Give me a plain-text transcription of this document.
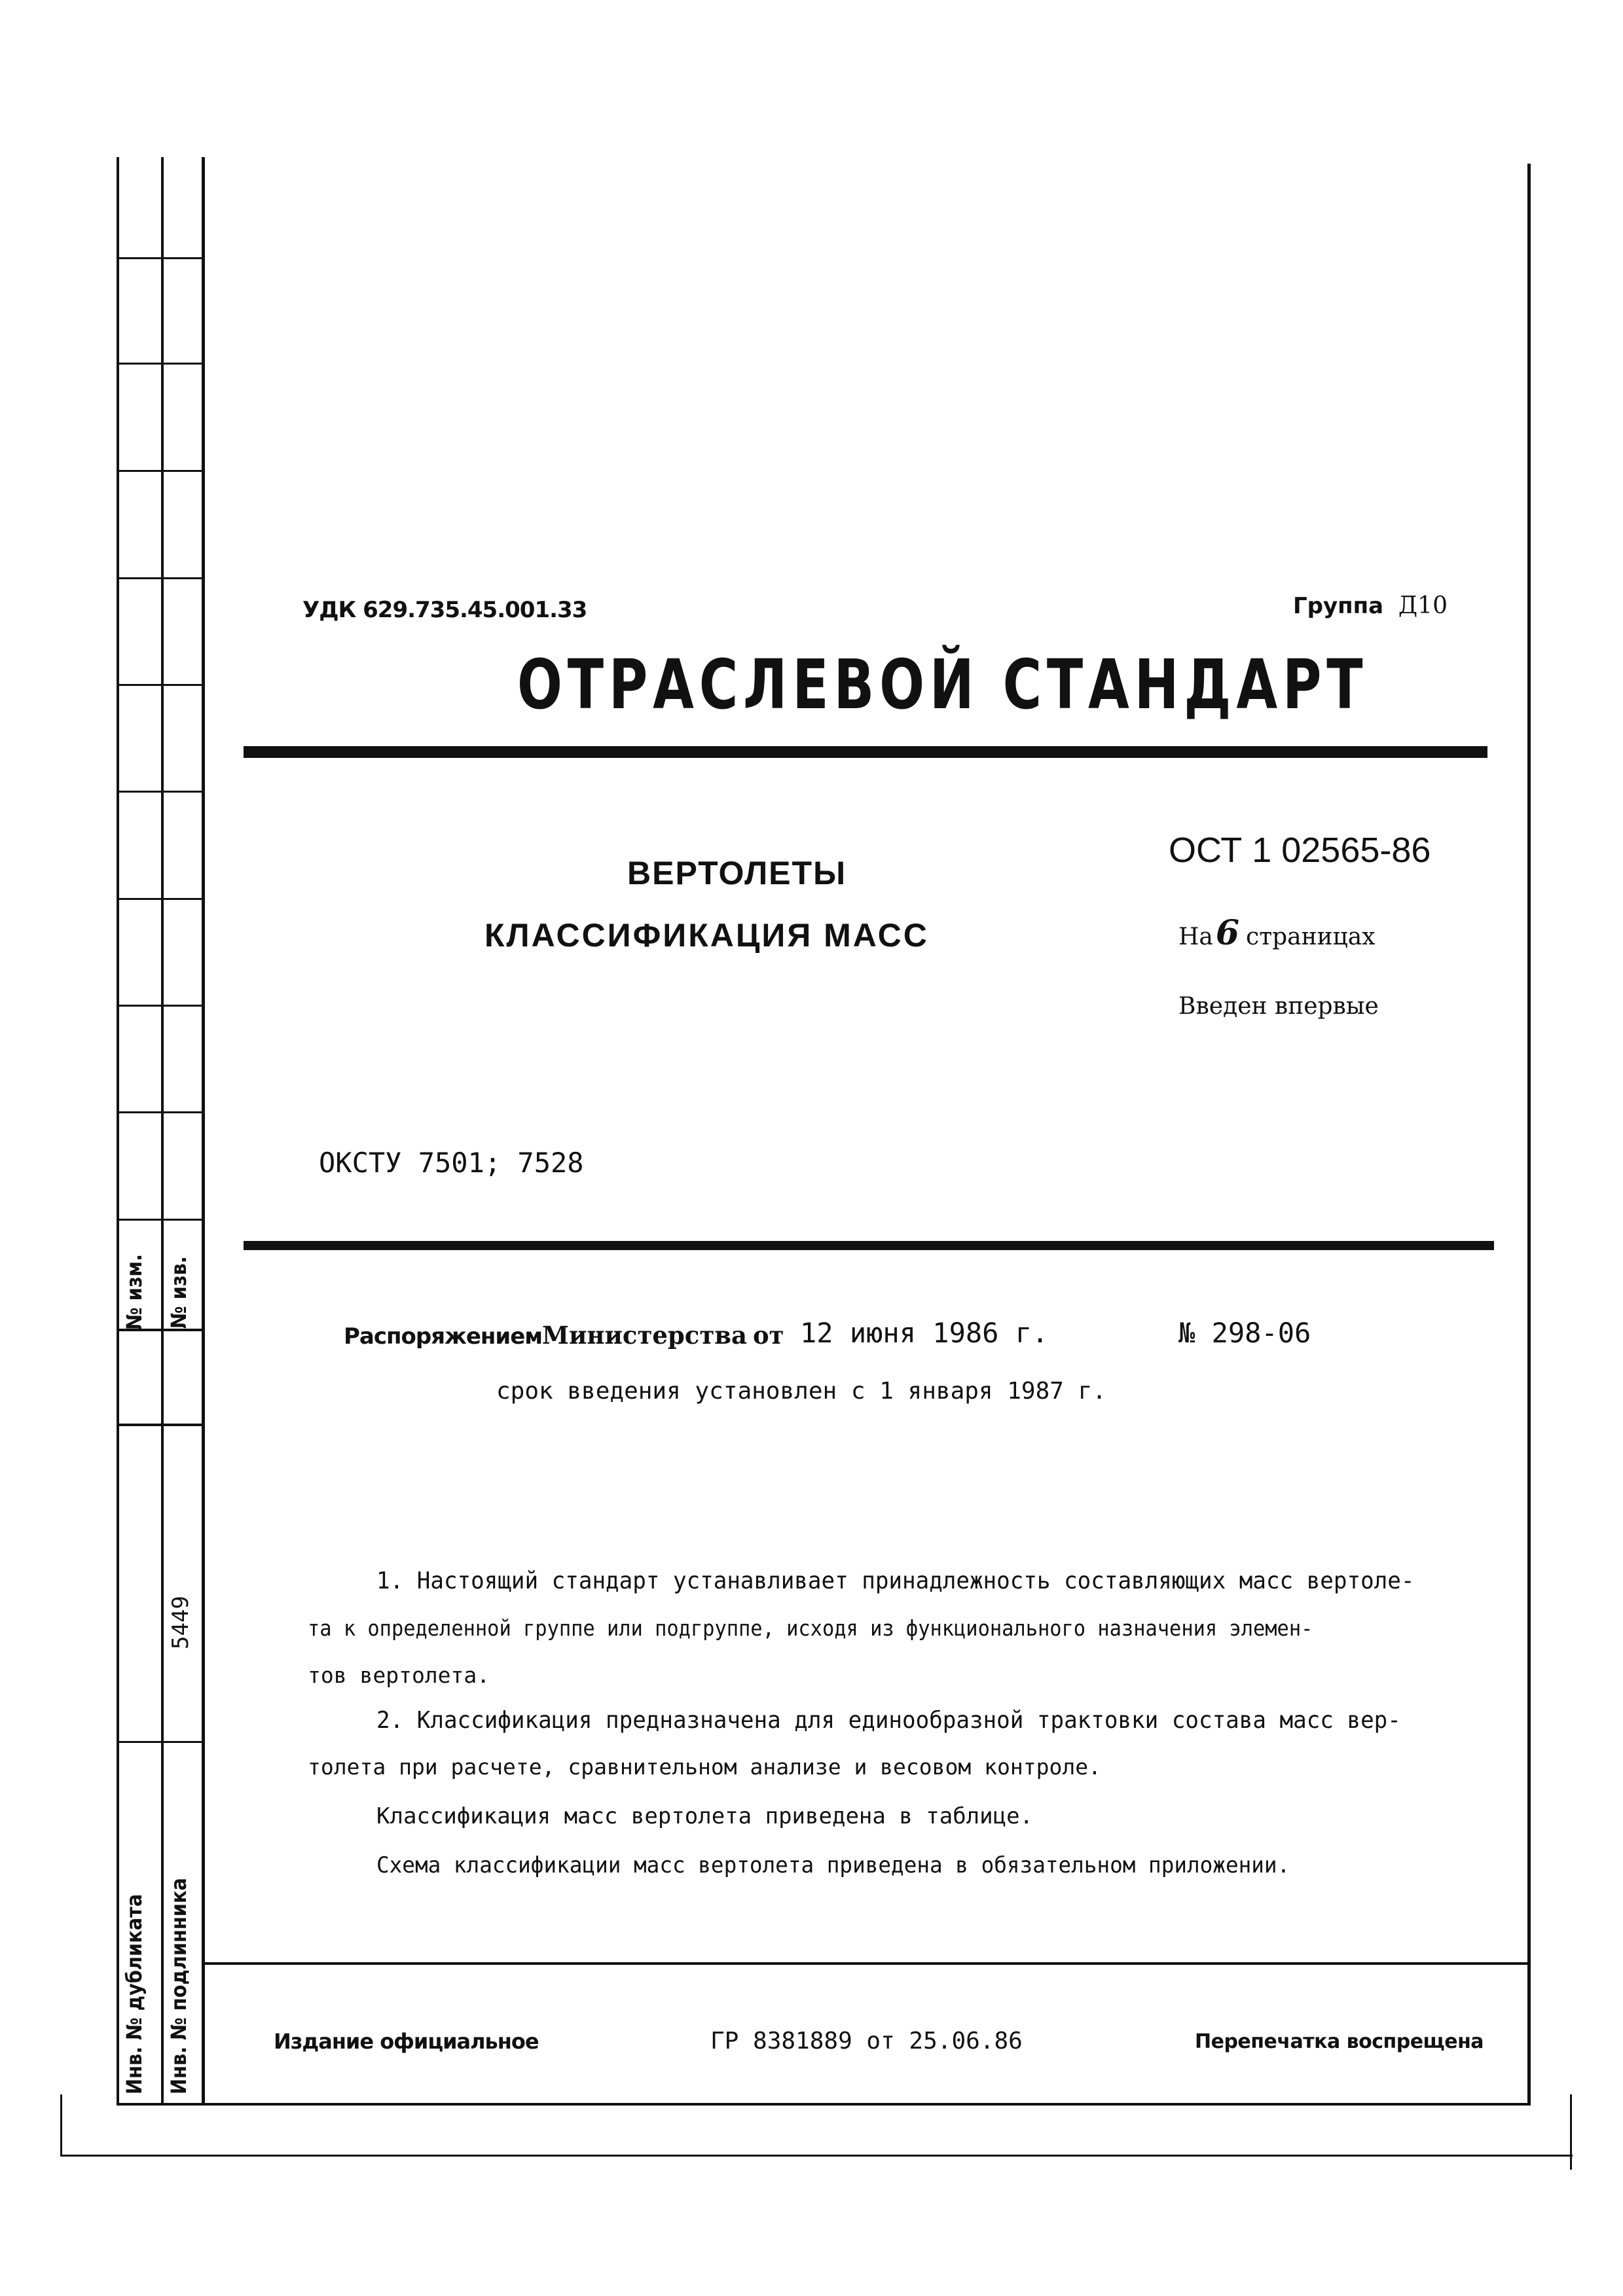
УДК 629.735.45.001.33	Группа Д10
ОТРАСЛЕВОЙ СТАНДАРТ
ВЕРТОЛЕТЫ
КЛАССИФИКАЦИЯ МАСС
ОСТ 1 02565-86
На6 страницах
Введен впервые
ОКСТУ 7501; 7528
Распоряжением Министерства от 12 июня 1986 г.	№ 298-06
срок введения установлен с 1 января 1987 г.
1. Настоящий стандарт устанавливает принадлежность составляющих масс вертоле-
та к определенной группе или подгруппе, исходя из функционального назначения элемен-
тов вертолета.
2. Классификация предназначена для единообразной трактовки состава масс вер-
толета при расчете, сравнительном анализе и весовом контроле.
Классификация масс вертолета приведена в таблице.
Схема классификации масс вертолета приведена в обязательном приложении.
Издание официальное	ГР 8381889 от 25.06.86	Перепечатка воспрещена
№ изм. № изв.
5449
Инв. № дубликата Инв. № подлинника
